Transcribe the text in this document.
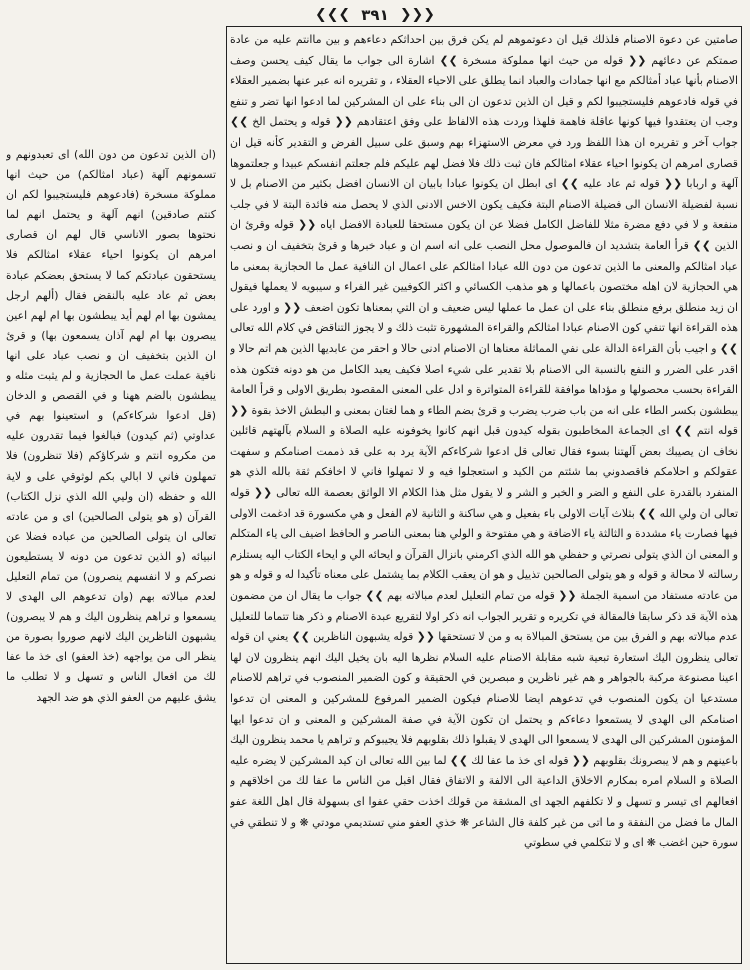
❮❮❮ ٣٩١ ❯❯❯

صامتين عن دعوة الاصنام فلذلك قيل ان دعوتموهم لم يكن فرق بين احداثكم دعاءهم و بين ماانتم عليه من عادة صمتكم عن دعائهم ❮❮ قوله من حيث انها مملوكة مسخرة ❯❯ اشارة الى جواب ما يقال كيف يحسن وصف الاصنام بأنها عباد أمثالكم مع انها جمادات والعباد انما يطلق على الاحياء العقلاء ، و تقريره انه عبر عنها بضمير العقلاء في قوله فادعوهم فليستجيبوا لكم و قيل ان الذين تدعون ان الى بناء على ان المشركين لما ادعوا انها تضر و تنفع وجب ان يعتقدوا فيها كونها عاقلة فاهمة فلهذا وردت هذه الالفاظ على وفق اعتقادهم ❮❮ قوله و يحتمل الخ ❯❯ جواب آخر و تقريره ان هذا اللفظ ورد في معرض الاستهزاء بهم وسبق على سبيل الفرض و التقدير كأنه قيل ان قصارى امرهم ان يكونوا احياء عقلاء امثالكم فان ثبت ذلك فلا فضل لهم عليكم فلم جعلتم انفسكم عبيدا و جعلتموها آلهة و اربابا ❮❮ قوله ثم عاد عليه ❯❯ اى ابطل ان يكونوا عبادا بابيان ان الانسان افضل بكثير من الاصنام بل لا نسبة لفضيلة الانسان الى فضيلة الاصنام البتة فكيف يكون الاخس الادنى الذي لا يحصل منه فائدة البتة لا في جلب منفعة و لا في دفع مضرة مثلا للفاضل الكامل فضلا عن ان يكون مستحقا للعبادة الافضل اياه ❮❮ قوله وقرئ ان الذين ❯❯ قرأ العامة بتشديد ان فالموصول محل النصب على انه اسم ان و عباد خبرها و قرئ بتخفيف ان و نصب عباد امثالكم والمعنى ما الذين تدعون من دون الله عبادا امثالكم على اعمال ان النافية عمل ما الحجازية بمعنى ما هي الحجازية لان اهله مختصون باعمالها و هو مذهب الكسائي و اكثر الكوفيين غير الفراء و سيبويه لا يعملها فيقول ان زيد منطلق برفع منطلق بناء على ان عمل ما عملها ليس ضعيف و ان التي بمعناها تكون اضعف ❮❮ و اورد على هذه القراءة انها تنفي كون الاصنام عبادا امثالكم والقراءة المشهورة تثبت ذلك و لا يجوز التناقض في كلام الله تعالى ❯❯ و اجيب بأن القراءة الدالة على نفي المماثلة معناها ان الاصنام ادنى حالا و احقر من عابديها الذين هم اتم حالا و اقدر على الضرر و النفع بالنسبة الى الاصنام بلا تقدير على شيء اصلا فكيف يعبد الكامل من هو دونه فتكون هذه القراءة بحسب محصولها و مؤداها موافقة للقراءة المتواترة و ادل على المعنى المقصود بطريق الاولى و قرأ العامة يبطشون بكسر الطاء على انه من باب ضرب يضرب و قرئ بضم الطاء و هما لغتان بمعنى و البطش الاخذ بقوة ❮❮ قوله انتم ❯❯ اى الجماعة المخاطبون بقوله كيدون قبل انهم كانوا يخوفونه عليه الصلاة و السلام بآلهتهم قائلين نخاف ان يصيبك بعض آلهتنا بسوء فقال تعالى قل ادعوا شركاءكم الآية يرد به على قد ذممت اصنامكم و سفهت عقولكم و احلامكم فاقصدوني بما شئتم من الكيد و استعجلوا فيه و لا تمهلوا فاني لا اخافكم ثقة بالله الذي هو المنفرد بالقدرة على النفع و الضر و الخير و الشر و لا يقول مثل هذا الكلام الا الواثق بعصمة الله تعالى ❮❮ قوله تعالى ان ولي الله ❯❯ بثلاث آيات الاولى باء بفعيل و هي ساكنة و الثانية لام الفعل و هي مكسورة قد ادغمت الاولى فيها فصارت ياء مشددة و الثالثة ياء الاضافة و هي مفتوحة و الولي هنا بمعنى الناصر و الحافظ اضيف الى ياء المتكلم و المعنى ان الذي يتولى نصرتي و حفظي هو الله الذي اكرمني بانزال القرآن و ايحائه الي و ايحاء الكتاب اليه يستلزم رسالته لا محالة و قوله و هو يتولى الصالحين تذييل و هو ان يعقب الكلام بما يشتمل على معناه تأكيدا له و قوله و هو من عادته مستفاد من اسمية الجملة ❮❮ قوله من تمام التعليل لعدم مبالاته بهم ❯❯ جواب ما يقال ان من مضمون هذه الآية قد ذكر سابقا فالمقالة في تكريره و تقرير الجواب انه ذكر اولا لتقريع عبدة الاصنام و ذكر هنا تتماما للتعليل عدم مبالاته بهم و الفرق بين من يستحق المبالاة به و من لا تستحقها ❮❮ قوله يشبهون الناظرين ❯❯ يعني ان قوله تعالى ينظرون اليك استعارة تبعية شبه مقابلة الاصنام عليه السلام نظرها اليه بان يخيل اليك انهم ينظرون لان لها اعينا مصنوعة مركبة بالجواهر و هم غير ناظرين و مبصرين في الحقيقة و كون الضمير المنصوب في تراهم للاصنام مستدعيا ان يكون المنصوب في تدعوهم ايضا للاصنام فيكون الضمير المرفوع للمشركين و المعنى ان تدعوا اصنامكم الى الهدى لا يستمعوا دعاءكم و يحتمل ان تكون الآية في صفة المشركين و المعنى و ان تدعوا ايها المؤمنون المشركين الى الهدى لا يسمعوا الى الهدى لا يقبلوا ذلك بقلوبهم فلا يجيبوكم و تراهم يا محمد ينظرون اليك باعينهم و هم لا يبصرونك بقلوبهم ❮❮ قوله اى خذ ما عفا لك ❯❯ لما بين الله تعالى ان كيد المشركين لا يضره عليه الصلاة و السلام امره بمكارم الاخلاق الداعية الى الالفة و الاتفاق فقال اقبل من الناس ما عفا لك من اخلاقهم و افعالهم اى تيسر و تسهل و لا تكلفهم الجهد اى المشقة من قولك اخذت حقي عفوا اى بسهولة قال اهل اللغة عفو المال ما فضل من النفقة و ما اتى من غير كلفة قال الشاعر ❋ خذي العفو مني تستديمي مودتي ❋ و لا تنطقي في سورة حين اغضب ❋ اى و لا تتكلمي في سطوتي

(ان الذين تدعون من دون الله) اى تعبدونهم و تسمونهم آلهة (عباد امثالكم) من حيث انها مملوكة مسخرة (فادعوهم فليستجيبوا لكم ان كنتم صادقين) انهم آلهة و يحتمل انهم لما نحتوها بصور الاناسي قال لهم ان قصارى امرهم ان يكونوا احياء عقلاء امثالكم فلا يستحقون عبادتكم كما لا يستحق بعضكم عبادة بعض ثم عاد عليه بالنقض فقال (ألهم ارجل يمشون بها ام لهم أيد يبطشون بها ام لهم اعين يبصرون بها ام لهم آذان يسمعون بها) و قرئ ان الذين بتخفيف ان و نصب عباد على انها نافية عملت عمل ما الحجازية و لم يثبت مثله و يبطشون بالضم ههنا و في القصص و الدخان (قل ادعوا شركاءكم) و استعينوا بهم في عداوتي (ثم كيدون) فبالغوا فيما تقدرون عليه من مكروه انتم و شركاؤكم (فلا تنظرون) فلا تمهلون فاني لا ابالي بكم لوثوقي على و لاية الله و حفظه (ان وليي الله الذي نزل الكتاب) القرآن (و هو يتولى الصالحين) اى و من عادته تعالى ان يتولى الصالحين من عباده فضلا عن انبيائه (و الذين تدعون من دونه لا يستطيعون نصركم و لا انفسهم ينصرون) من تمام التعليل لعدم مبالاته بهم (وان تدعوهم الى الهدى لا يسمعوا و تراهم ينظرون اليك و هم لا يبصرون) يشبهون الناظرين اليك لانهم صوروا بصورة من ينظر الى من يواجهه (خذ العفو) اى خذ ما عفا لك من افعال الناس و تسهل و لا تطلب ما يشق عليهم من العفو الذي هو ضد الجهد
